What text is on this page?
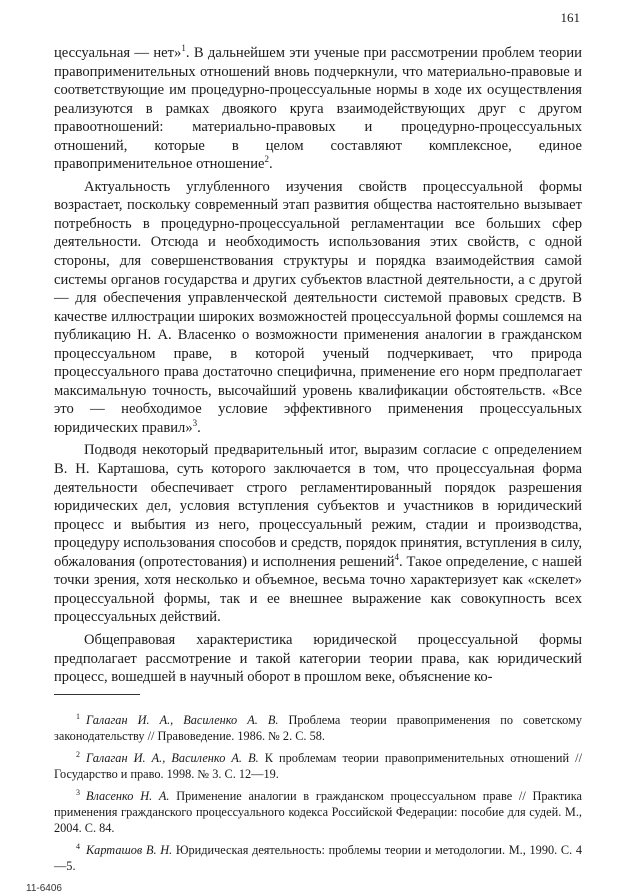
161

цессуальная — нет»$^1$. В дальнейшем эти ученые при рассмотрении проблем теории правоприменительных отношений вновь подчеркнули, что материально-правовые и соответствующие им процедурно-процессуальные нормы в ходе их осуществления реализуются в рамках двоякого круга взаимодействующих друг с другом правоотношений: материально-правовых и процедурно-процессуальных отношений, которые в целом составляют комплексное, единое правоприменительное отношение$^2$.

Актуальность углубленного изучения свойств процессуальной формы возрастает, поскольку современный этап развития общества настоятельно вызывает потребность в процедурно-процессуальной регламентации все больших сфер деятельности. Отсюда и необходимость использования этих свойств, с одной стороны, для совершенствования структуры и порядка взаимодействия самой системы органов государства и других субъектов властной деятельности, а с другой — для обеспечения управленческой деятельности системой правовых средств. В качестве иллюстрации широких возможностей процессуальной формы сошлемся на публикацию Н. А. Власенко о возможности применения аналогии в гражданском процессуальном праве, в которой ученый подчеркивает, что природа процессуального права достаточно специфична, применение его норм предполагает максимальную точность, высочайший уровень квалификации обстоятельств. «Все это — необходимое условие эффективного применения процессуальных юридических правил»$^3$.

Подводя некоторый предварительный итог, выразим согласие с определением В. Н. Карташова, суть которого заключается в том, что процессуальная форма деятельности обеспечивает строго регламентированный порядок разрешения юридических дел, условия вступления субъектов и участников в юридический процесс и выбытия из него, процессуальный режим, стадии и производства, процедуру использования способов и средств, порядок принятия, вступления в силу, обжалования (опротестования) и исполнения решений$^4$. Такое определение, с нашей точки зрения, хотя несколько и объемное, весьма точно характеризует как «скелет» процессуальной формы, так и ее внешнее выражение как совокупность всех процессуальных действий.

Общеправовая характеристика юридической процессуальной формы предполагает рассмотрение и такой категории теории права, как юридический процесс, вошедшей в научный оборот в прошлом веке, объяснение ко-

$^1$ Галаган И. А., Василенко А. В. Проблема теории правоприменения по советскому законодательству // Правоведение. 1986. № 2. С. 58.

$^2$ Галаган И. А., Василенко А. В. К проблемам теории правоприменительных отношений // Государство и право. 1998. № 3. С. 12—19.

$^3$ Власенко Н. А. Применение аналогии в гражданском процессуальном праве // Практика применения гражданского процессуального кодекса Российской Федерации: пособие для судей. М., 2004. С. 84.

$^4$ Карташов В. Н. Юридическая деятельность: проблемы теории и методологии. М., 1990. С. 4—5.

11-6406
